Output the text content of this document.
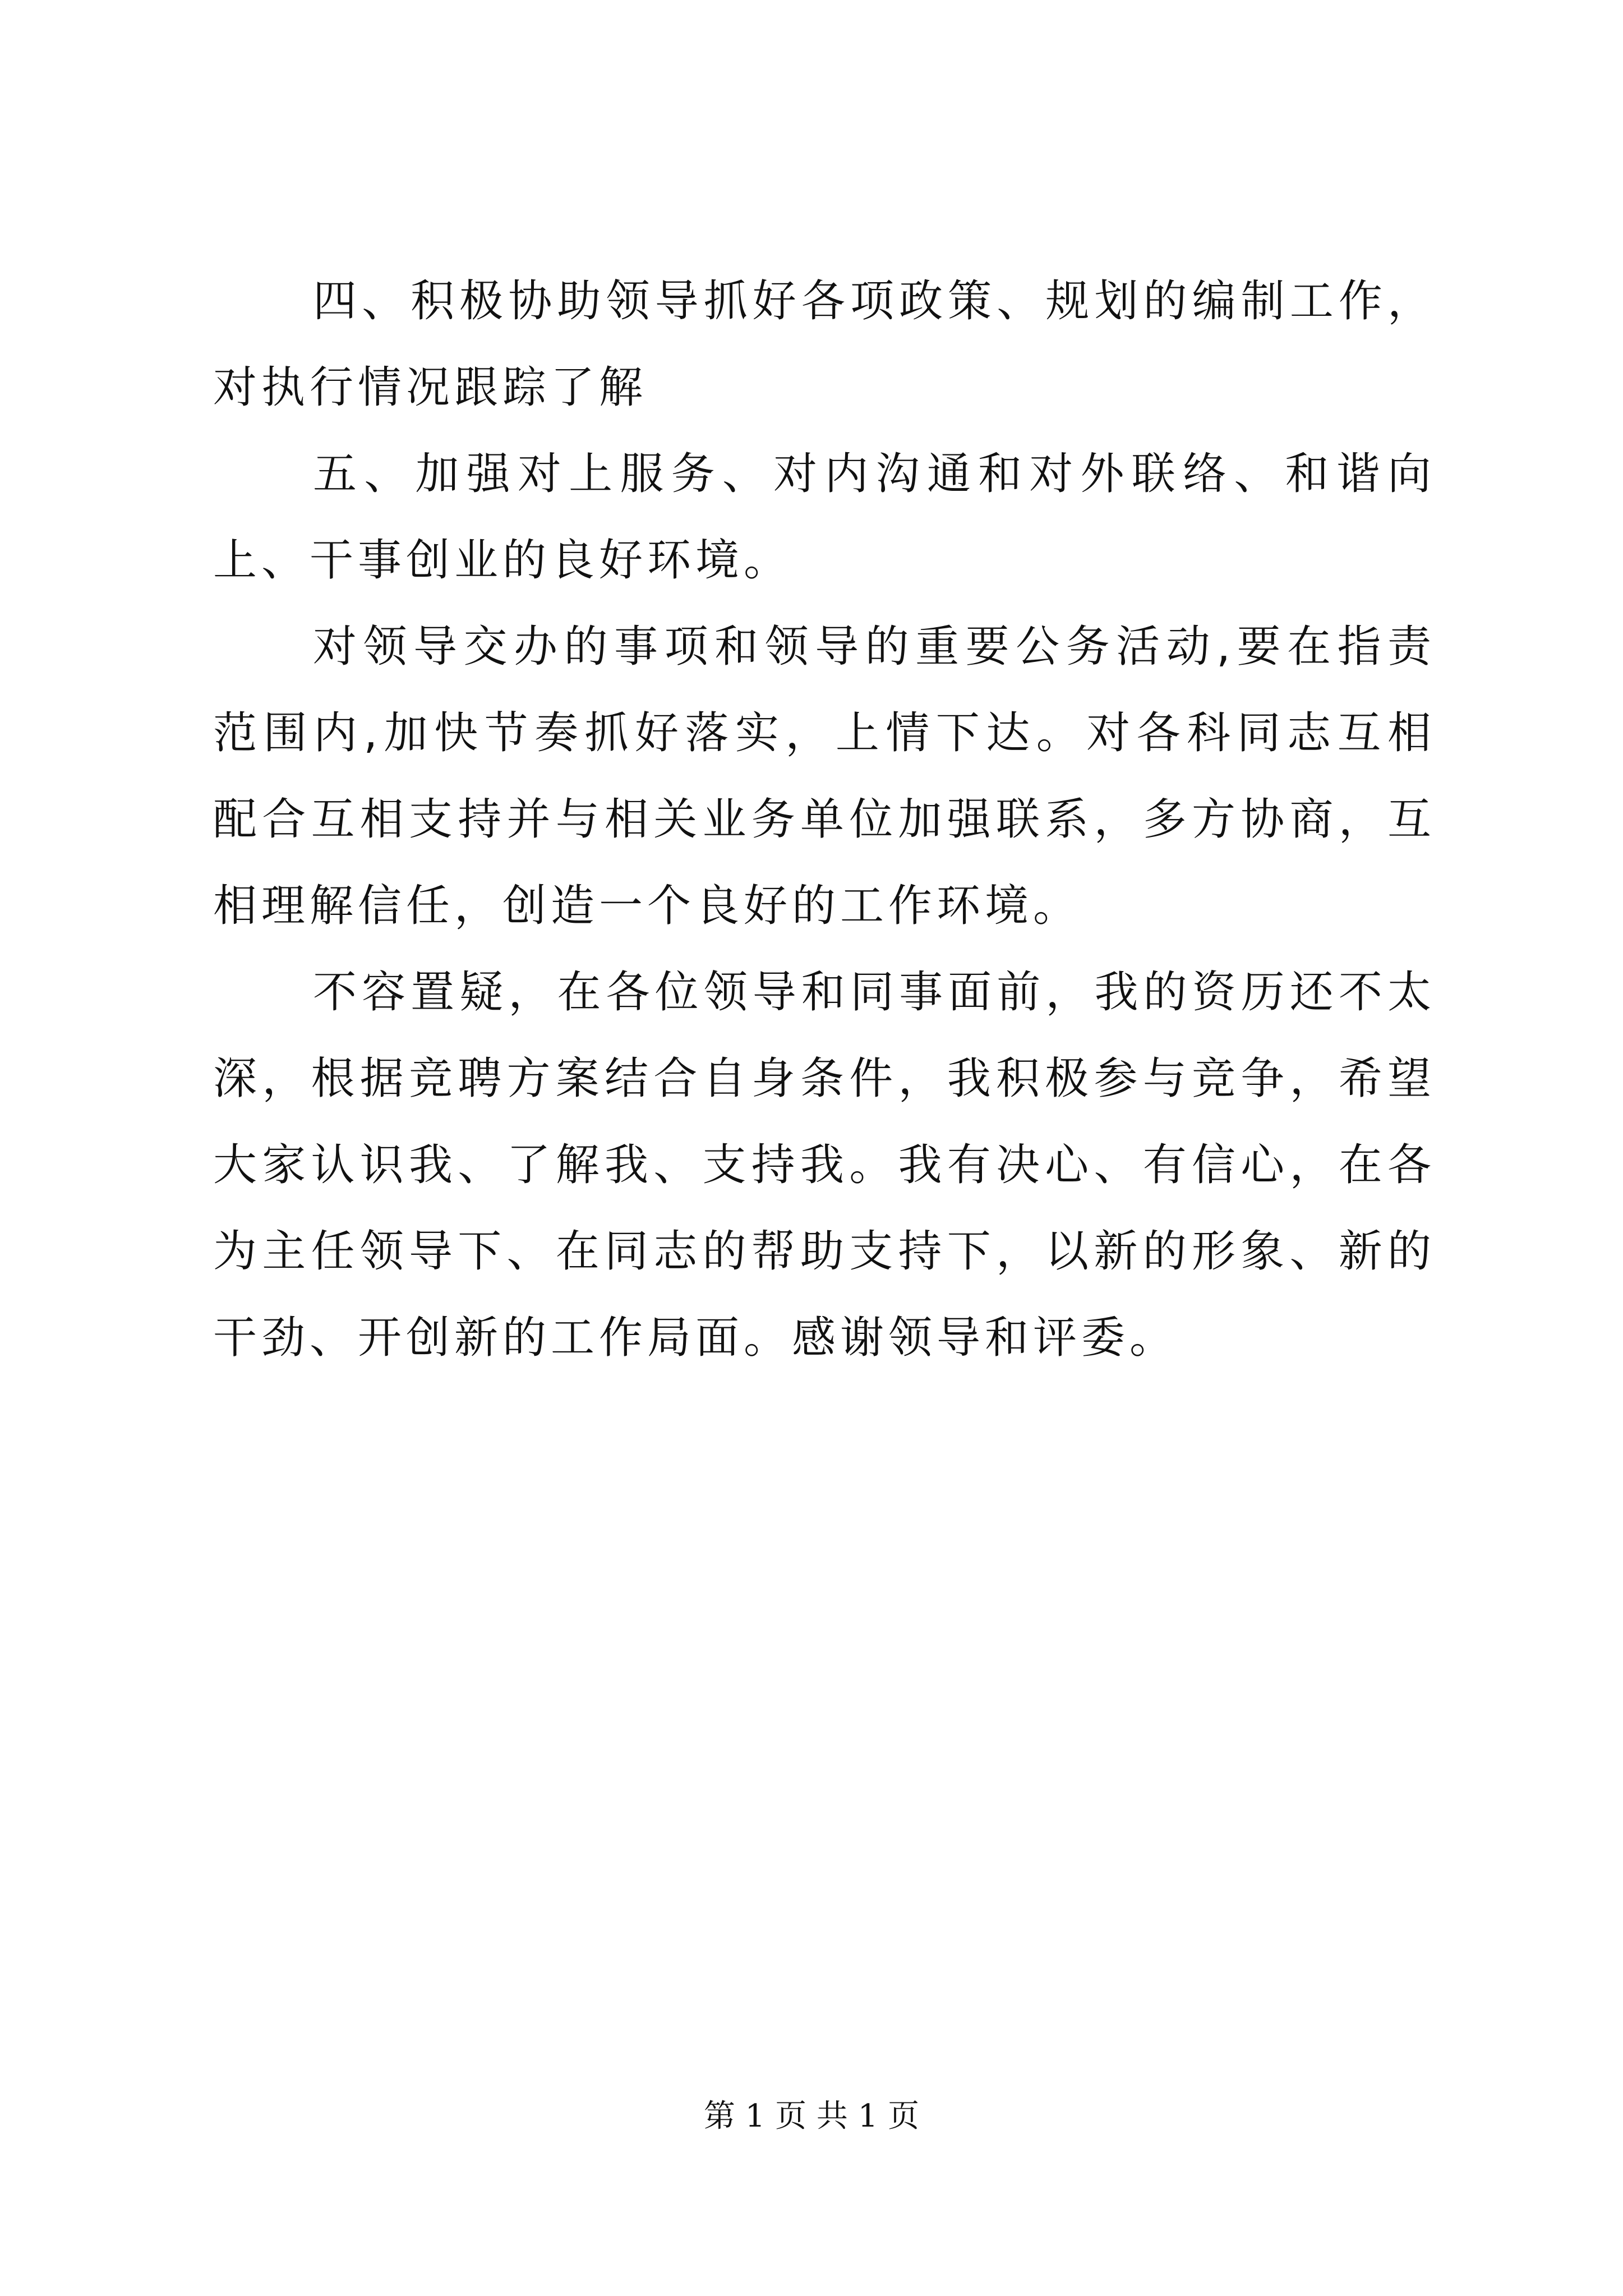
四、积极协助领导抓好各项政策、规划的编制工作，对执行情况跟踪了解

五、加强对上服务、对内沟通和对外联络、和谐向上、干事创业的良好环境。

对领导交办的事项和领导的重要公务活动,要在指责范围内,加快节奏抓好落实，上情下达。对各科同志互相配合互相支持并与相关业务单位加强联系，多方协商，互相理解信任，创造一个良好的工作环境。

不容置疑，在各位领导和同事面前，我的资历还不太深，根据竞聘方案结合自身条件，我积极参与竞争，希望大家认识我、了解我、支持我。我有决心、有信心，在各为主任领导下、在同志的帮助支持下，以新的形象、新的干劲、开创新的工作局面。感谢领导和评委。

第 1 页 共 1 页
